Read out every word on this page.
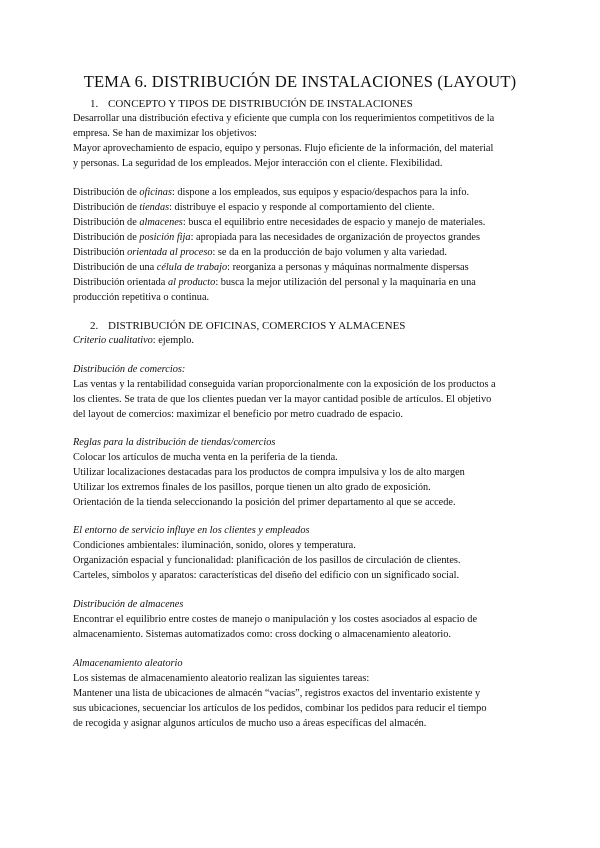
TEMA 6. DISTRIBUCIÓN DE INSTALACIONES (LAYOUT)
1. CONCEPTO Y TIPOS DE DISTRIBUCIÓN DE INSTALACIONES
Desarrollar una distribución efectiva y eficiente que cumpla con los requerimientos competitivos de la
empresa. Se han de maximizar los objetivos:
Mayor aprovechamiento de espacio, equipo y personas. Flujo eficiente de la información, del material
y personas. La seguridad de los empleados. Mejor interacción con el cliente. Flexibilidad.
Distribución de oficinas: dispone a los empleados, sus equipos y espacio/despachos para la info.
Distribución de tiendas: distribuye el espacio y responde al comportamiento del cliente.
Distribución de almacenes: busca el equilibrio entre necesidades de espacio y manejo de materiales.
Distribución de posición fija: apropiada para las necesidades de organización de proyectos grandes
Distribución orientada al proceso: se da en la producción de bajo volumen y alta variedad.
Distribución de una célula de trabajo: reorganiza a personas y máquinas normalmente dispersas
Distribución orientada al producto: busca la mejor utilización del personal y la maquinaria en una
producción repetitiva o continua.
2. DISTRIBUCIÓN DE OFICINAS, COMERCIOS Y ALMACENES
Criterio cualitativo: ejemplo.
Distribución de comercios:
Las ventas y la rentabilidad conseguida varían proporcionalmente con la exposición de los productos a
los clientes. Se trata de que los clientes puedan ver la mayor cantidad posible de artículos. El objetivo
del layout de comercios: maximizar el beneficio por metro cuadrado de espacio.
Reglas para la distribución de tiendas/comercios
Colocar los artículos de mucha venta en la periferia de la tienda.
Utilizar localizaciones destacadas para los productos de compra impulsiva y los de alto margen
Utilizar los extremos finales de los pasillos, porque tienen un alto grado de exposición.
Orientación de la tienda seleccionando la posición del primer departamento al que se accede.
El entorno de servicio influye en los clientes y empleados
Condiciones ambientales: iluminación, sonido, olores y temperatura.
Organización espacial y funcionalidad: planificación de los pasillos de circulación de clientes.
Carteles, símbolos y aparatos: características del diseño del edificio con un significado social.
Distribución de almacenes
Encontrar el equilibrio entre costes de manejo o manipulación y los costes asociados al espacio de
almacenamiento. Sistemas automatizados como: cross docking o almacenamiento aleatorio.
Almacenamiento aleatorio
Los sistemas de almacenamiento aleatorio realizan las siguientes tareas:
Mantener una lista de ubicaciones de almacén “vacías”, registros exactos del inventario existente y
sus ubicaciones, secuenciar los artículos de los pedidos, combinar los pedidos para reducir el tiempo
de recogida y asignar algunos artículos de mucho uso a áreas específicas del almacén.
